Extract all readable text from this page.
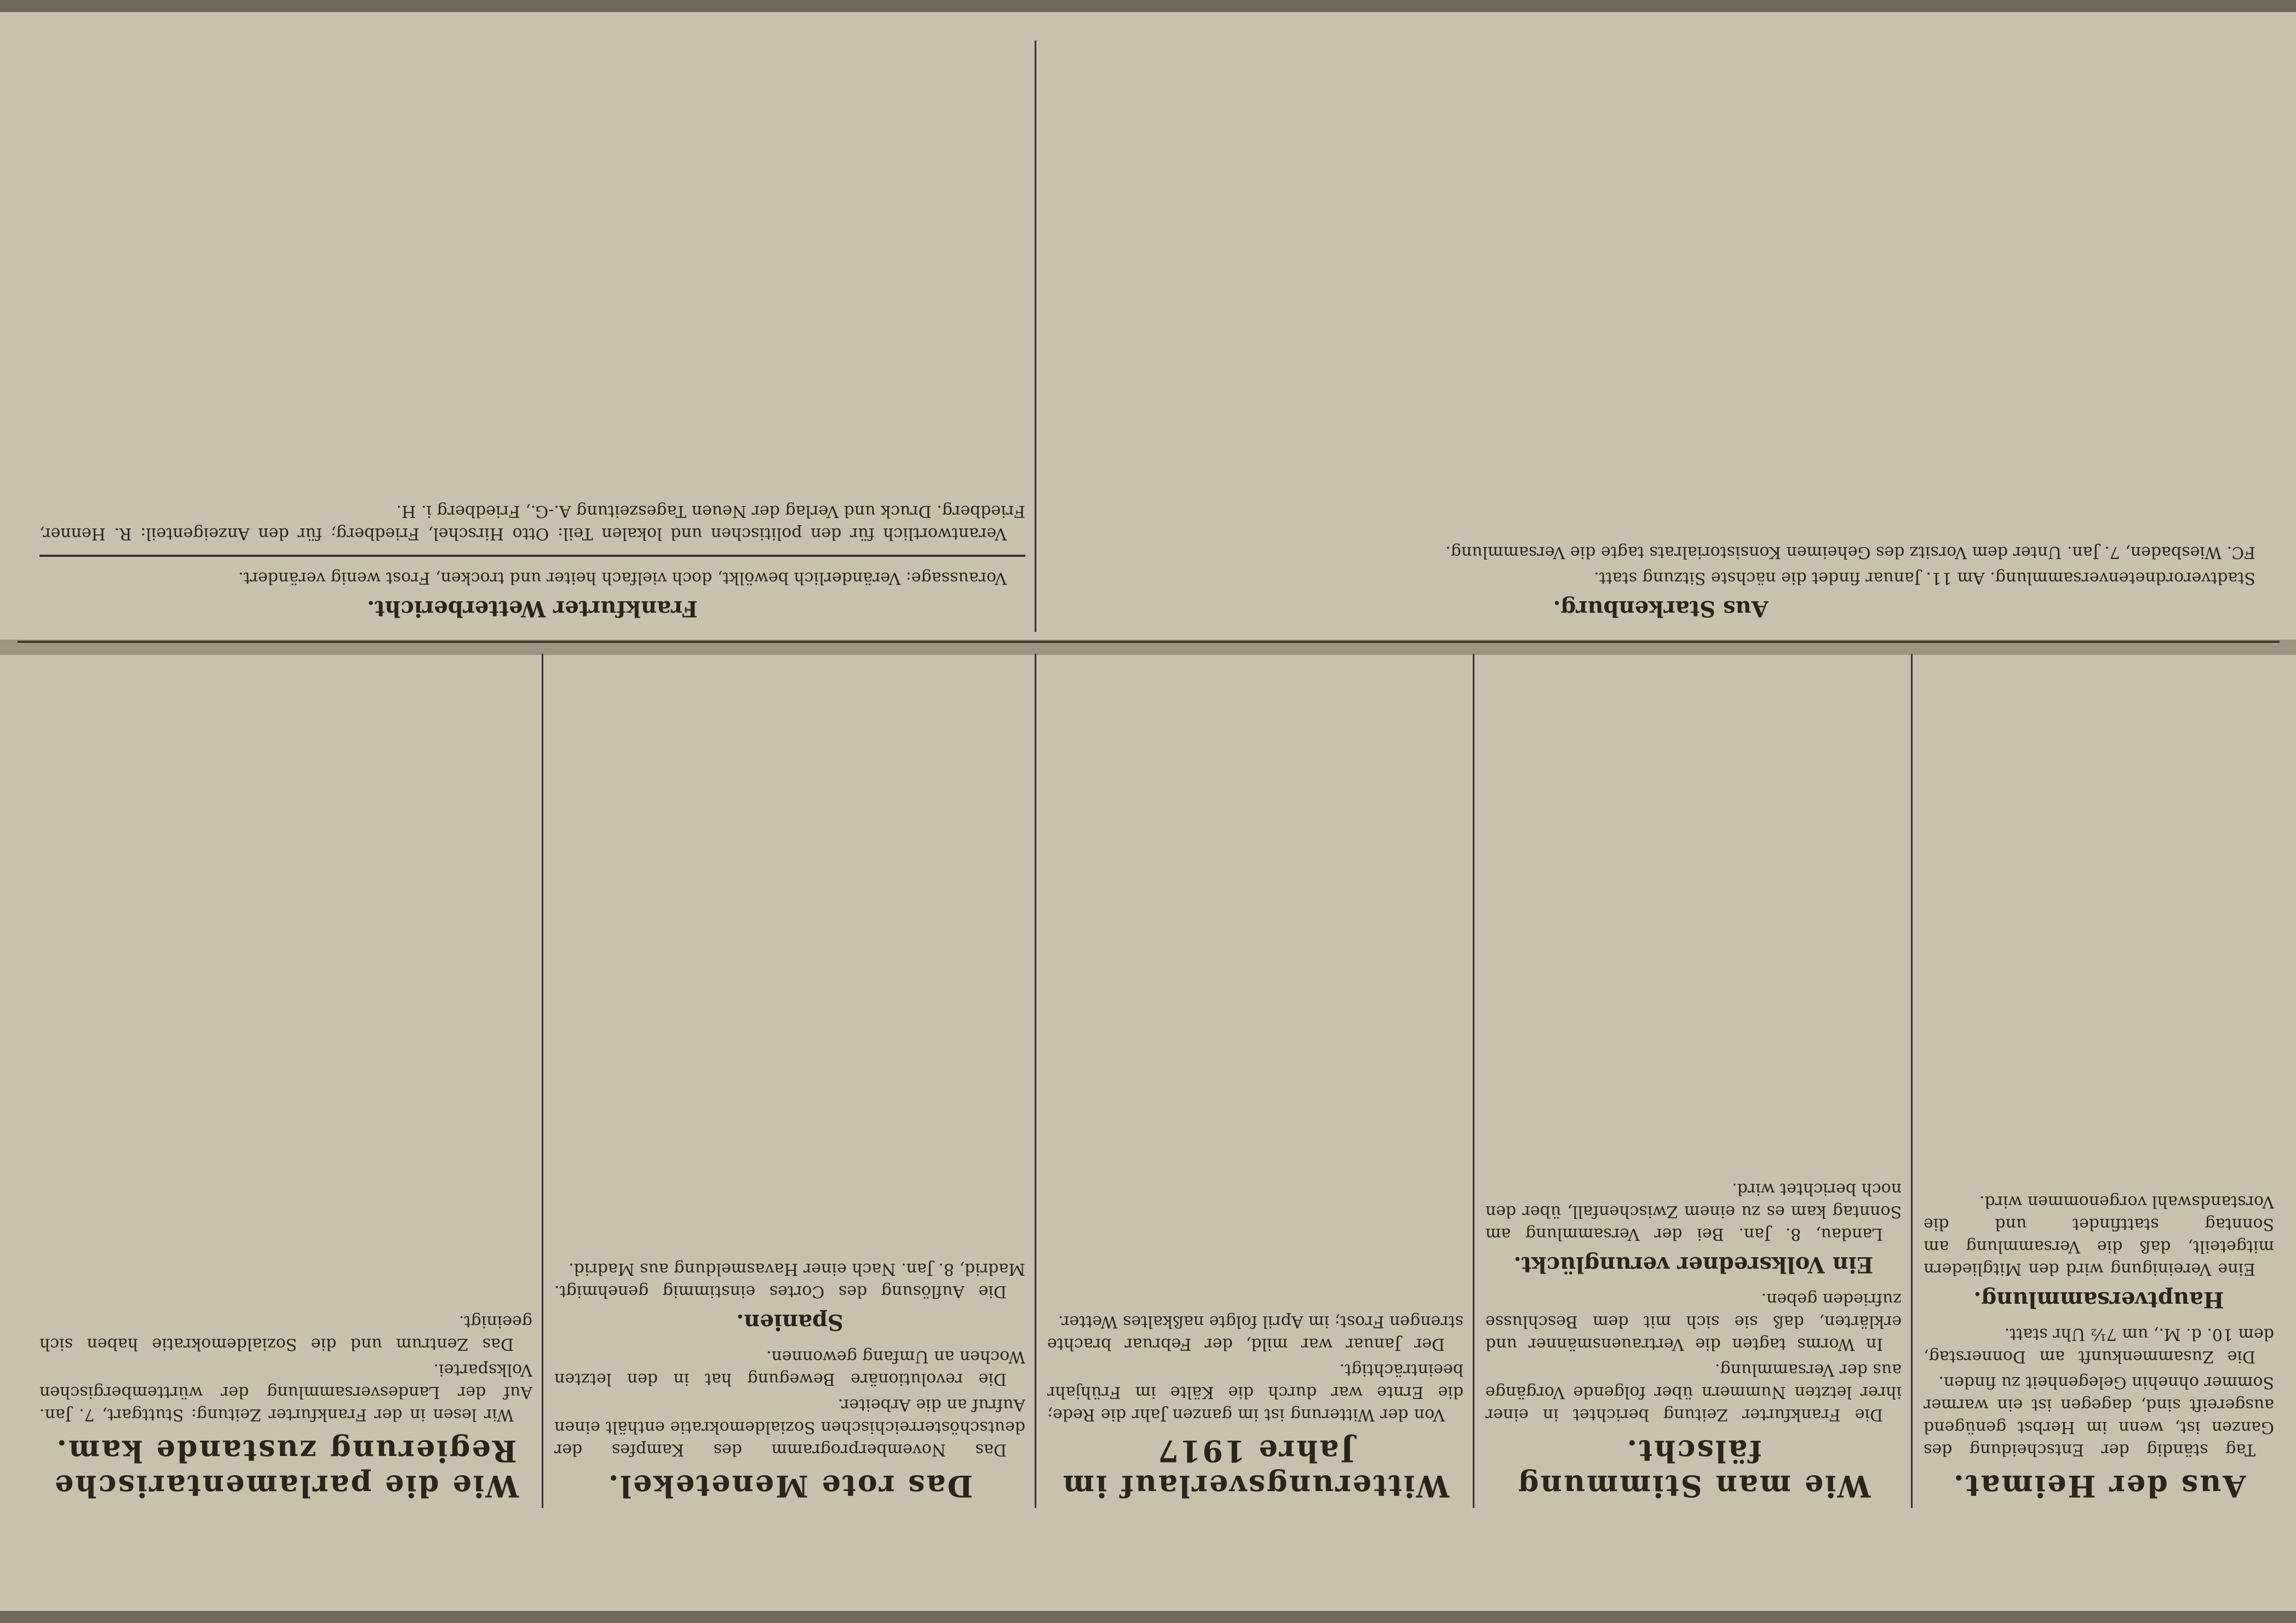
Aus der Heimat.

Tag ständig der Entscheidung des Ganzen ist, wenn im Herbst genügend ausgereift sind, dagegen ist ein warmer Sommer ohnehin Gelegenheit zu finden.

Die Zusammenkunft am Donnerstag, dem 10. d. M., um 7½ Uhr statt.

Hauptversammlung.

Eine Vereinigung wird den Mitgliedern mitgeteilt, daß die Versammlung am Sonntag stattfindet und die Vorstandswahl vorgenommen wird.

Wie man Stimmung fälscht.

Die Frankfurter Zeitung berichtet in einer ihrer letzten Nummern über folgende Vorgänge aus der Versammlung.

In Worms tagten die Vertrauensmänner und erklärten, daß sie sich mit dem Beschlusse zufrieden geben.

Ein Volksredner verunglückt.

Landau, 8. Jan. Bei der Versammlung am Sonntag kam es zu einem Zwischenfall, über den noch berichtet wird.

Witterungsverlauf im Jahre 1917

Von der Witterung ist im ganzen Jahr die Rede; die Ernte war durch die Kälte im Frühjahr beeinträchtigt.

Der Januar war mild, der Februar brachte strengen Frost; im April folgte naßkaltes Wetter.

Das rote Menetekel.

Das Novemberprogramm des Kampfes der deutschösterreichischen Sozialdemokratie enthält einen Aufruf an die Arbeiter.

Die revolutionäre Bewegung hat in den letzten Wochen an Umfang gewonnen.

Spanien.

Die Auflösung des Cortes einstimmig genehmigt. Madrid, 8. Jan. Nach einer Havasmeldung aus Madrid.

Wie die parlamentarische Regierung zustande kam.

Wir lesen in der Frankfurter Zeitung: Stuttgart, 7. Jan. Auf der Landesversammlung der württembergischen Volkspartei.

Das Zentrum und die Sozialdemokratie haben sich geeinigt.

Aus Starkenburg.

Stadtverordnetenversammlung. Am 11. Januar findet die nächste Sitzung statt.

FC. Wiesbaden, 7. Jan. Unter dem Vorsitz des Geheimen Konsistorialrats tagte die Versammlung.

Frankfurter Wetterbericht.

Voraussage: Veränderlich bewölkt, doch vielfach heiter und trocken, Frost wenig verändert.

Verantwortlich für den politischen und lokalen Teil: Otto Hirschel, Friedberg; für den Anzeigenteil: R. Henner, Friedberg. Druck und Verlag der Neuen Tageszeitung A.-G., Friedberg i. H.
